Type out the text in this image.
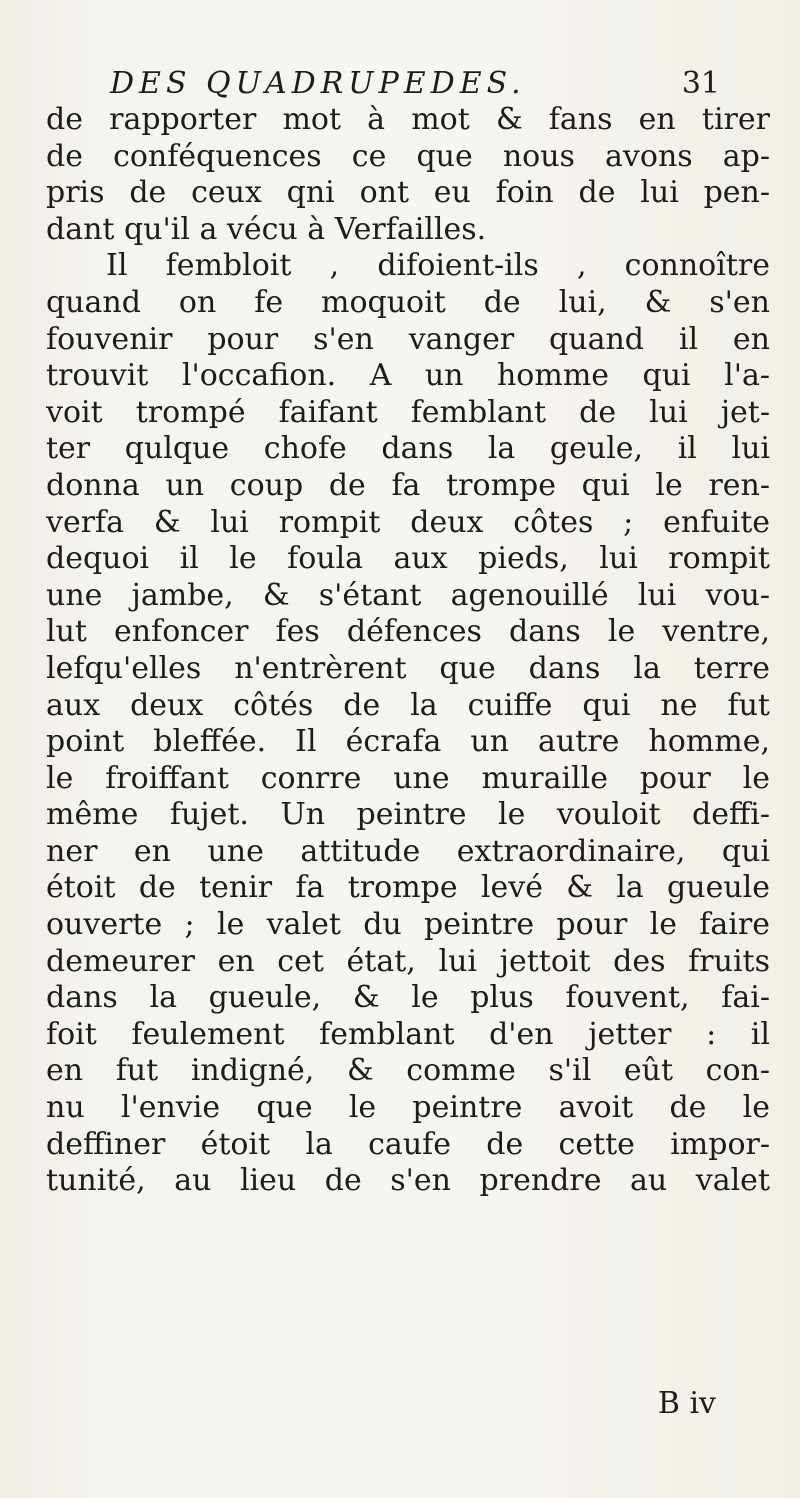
DES QUADRUPEDES.	31
de rapporter mot à mot & fans en tirer
de conféquences ce que nous avons ap-
pris de ceux qni ont eu foin de lui pen-
dant qu'il a vécu à Verfailles.
Il fembloit , difoient-ils , connoître
quand on fe moquoit de lui, & s'en
fouvenir pour s'en vanger quand il en
trouvit l'occafion. A un homme qui l'a-
voit trompé faifant femblant de lui jet-
ter qulque chofe dans la geule, il lui
donna un coup de fa trompe qui le ren-
verfa & lui rompit deux côtes ; enfuite
dequoi il le foula aux pieds, lui rompit
une jambe, & s'étant agenouillé lui vou-
lut enfoncer fes défences dans le ventre,
lefqu'elles n'entrèrent que dans la terre
aux deux côtés de la cuiffe qui ne fut
point bleffée. Il écrafa un autre homme,
le froiffant conrre une muraille pour le
même fujet. Un peintre le vouloit deffi-
ner en une attitude extraordinaire, qui
étoit de tenir fa trompe levé & la gueule
ouverte ; le valet du peintre pour le faire
demeurer en cet état, lui jettoit des fruits
dans la gueule, & le plus fouvent, fai-
foit feulement femblant d'en jetter : il
en fut indigné, & comme s'il eût con-
nu l'envie que le peintre avoit de le
deffiner étoit la caufe de cette impor-
tunité, au lieu de s'en prendre au valet
B iv
